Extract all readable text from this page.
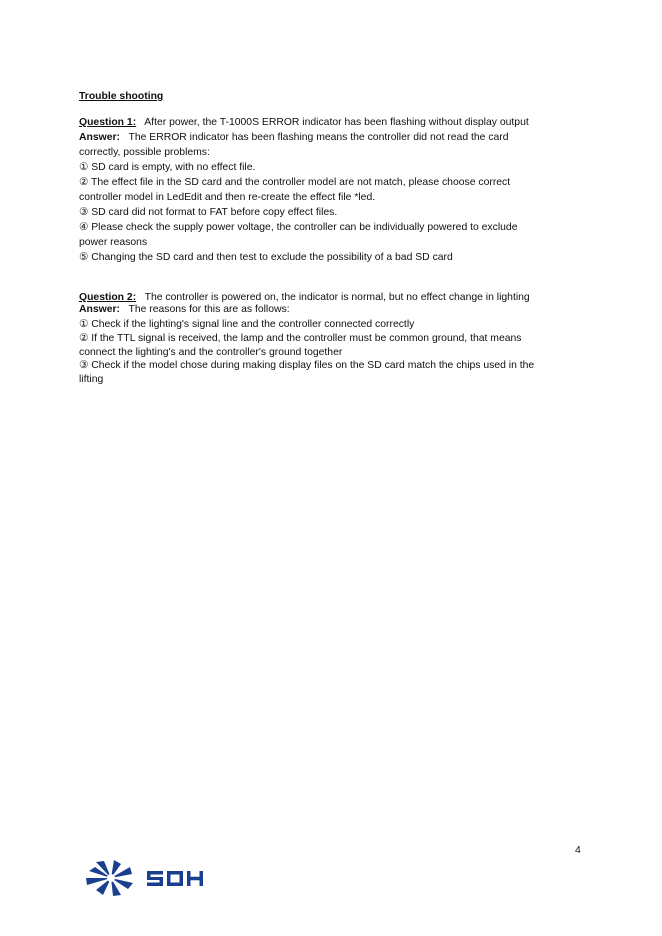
Trouble shooting

Question 1: After power, the T-1000S ERROR indicator has been flashing without display output

Answer: The ERROR indicator has been flashing means the controller did not read the card

correctly, possible problems:

① SD card is empty, with no effect file.
② The effect file in the SD card and the controller model are not match, please choose correct
controller model in LedEdit and then re-create the effect file *led.
③ SD card did not format to FAT before copy effect files.
④ Please check the supply power voltage, the controller can be individually powered to exclude
power reasons
⑤ Changing the SD card and then test to exclude the possibility of a bad SD card

Question 2: The controller is powered on, the indicator is normal, but no effect change in lighting

Answer: The reasons for this are as follows:

① Check if the lighting's signal line and the controller connected correctly
② If the TTL signal is received, the lamp and the controller must be common ground, that means
connect the lighting's and the controller's ground together
③ Check if the model chose during making display files on the SD card match the chips used in the
lifting
4
